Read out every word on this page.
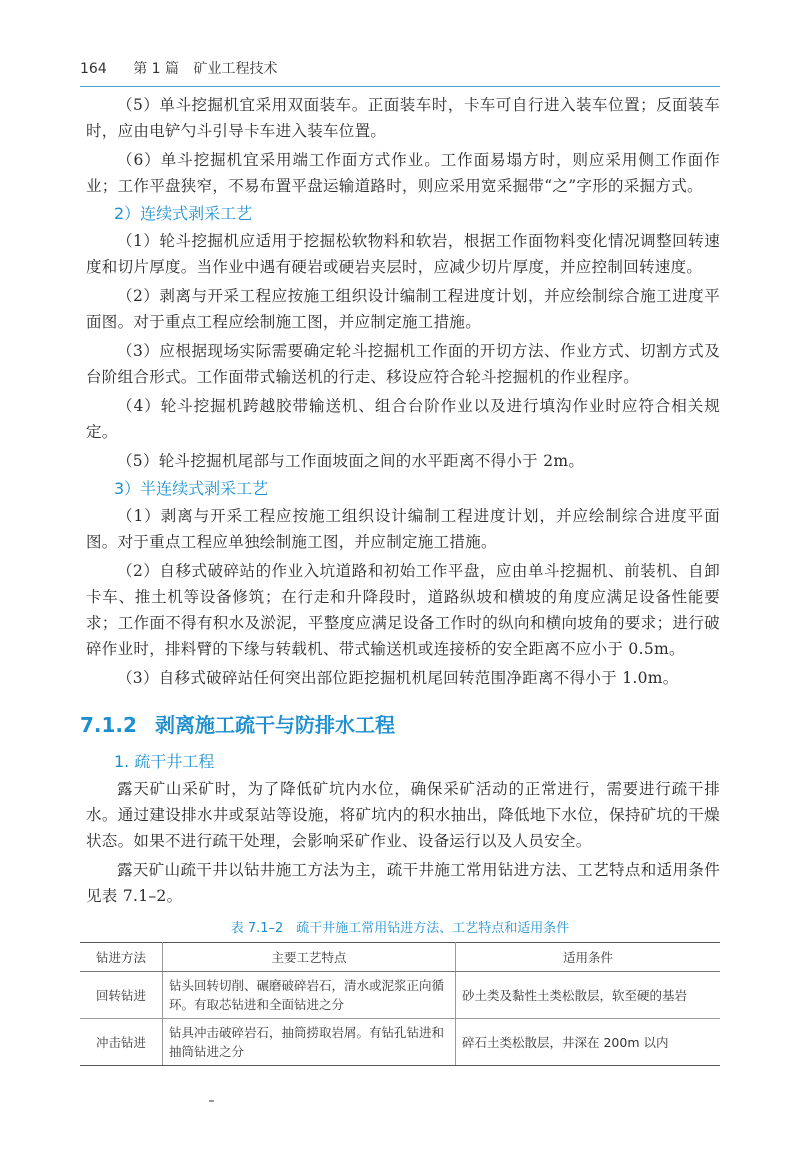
164 第 1 篇 矿业工程技术

（5）单斗挖掘机宜采用双面装车。正面装车时，卡车可自行进入装车位置；反面装车时，应由电铲勺斗引导卡车进入装车位置。

（6）单斗挖掘机宜采用端工作面方式作业。工作面易塌方时，则应采用侧工作面作业；工作平盘狭窄，不易布置平盘运输道路时，则应采用宽采掘带“之”字形的采掘方式。

2）连续式剥采工艺

（1）轮斗挖掘机应适用于挖掘松软物料和软岩，根据工作面物料变化情况调整回转速度和切片厚度。当作业中遇有硬岩或硬岩夹层时，应减少切片厚度，并应控制回转速度。

（2）剥离与开采工程应按施工组织设计编制工程进度计划，并应绘制综合施工进度平面图。对于重点工程应绘制施工图，并应制定施工措施。

（3）应根据现场实际需要确定轮斗挖掘机工作面的开切方法、作业方式、切割方式及台阶组合形式。工作面带式输送机的行走、移设应符合轮斗挖掘机的作业程序。

（4）轮斗挖掘机跨越胶带输送机、组合台阶作业以及进行填沟作业时应符合相关规定。

（5）轮斗挖掘机尾部与工作面坡面之间的水平距离不得小于 2m。

3）半连续式剥采工艺

（1）剥离与开采工程应按施工组织设计编制工程进度计划，并应绘制综合进度平面图。对于重点工程应单独绘制施工图，并应制定施工措施。

（2）自移式破碎站的作业入坑道路和初始工作平盘，应由单斗挖掘机、前装机、自卸卡车、推土机等设备修筑；在行走和升降段时，道路纵坡和横坡的角度应满足设备性能要求；工作面不得有积水及淤泥，平整度应满足设备工作时的纵向和横向坡角的要求；进行破碎作业时，排料臂的下缘与转载机、带式输送机或连接桥的安全距离不应小于 0.5m。

（3）自移式破碎站任何突出部位距挖掘机机尾回转范围净距离不得小于 1.0m。

7.1.2 剥离施工疏干与防排水工程
1. 疏干井工程

露天矿山采矿时，为了降低矿坑内水位，确保采矿活动的正常进行，需要进行疏干排水。通过建设排水井或泵站等设施，将矿坑内的积水抽出，降低地下水位，保持矿坑的干燥状态。如果不进行疏干处理，会影响采矿作业、设备运行以及人员安全。

露天矿山疏干井以钻井施工方法为主，疏干井施工常用钻进方法、工艺特点和适用条件见表 7.1–2。

表 7.1–2　疏干井施工常用钻进方法、工艺特点和适用条件
钻进方法	主要工艺特点	适用条件
回转钻进	钻头回转切削、碾磨破碎岩石，清水或泥浆正向循环。有取芯钻进和全面钻进之分	砂土类及黏性土类松散层，软至硬的基岩
冲击钻进	钻具冲击破碎岩石，抽筒捞取岩屑。有钻孔钻进和抽筒钻进之分	碎石土类松散层，井深在 200m 以内
